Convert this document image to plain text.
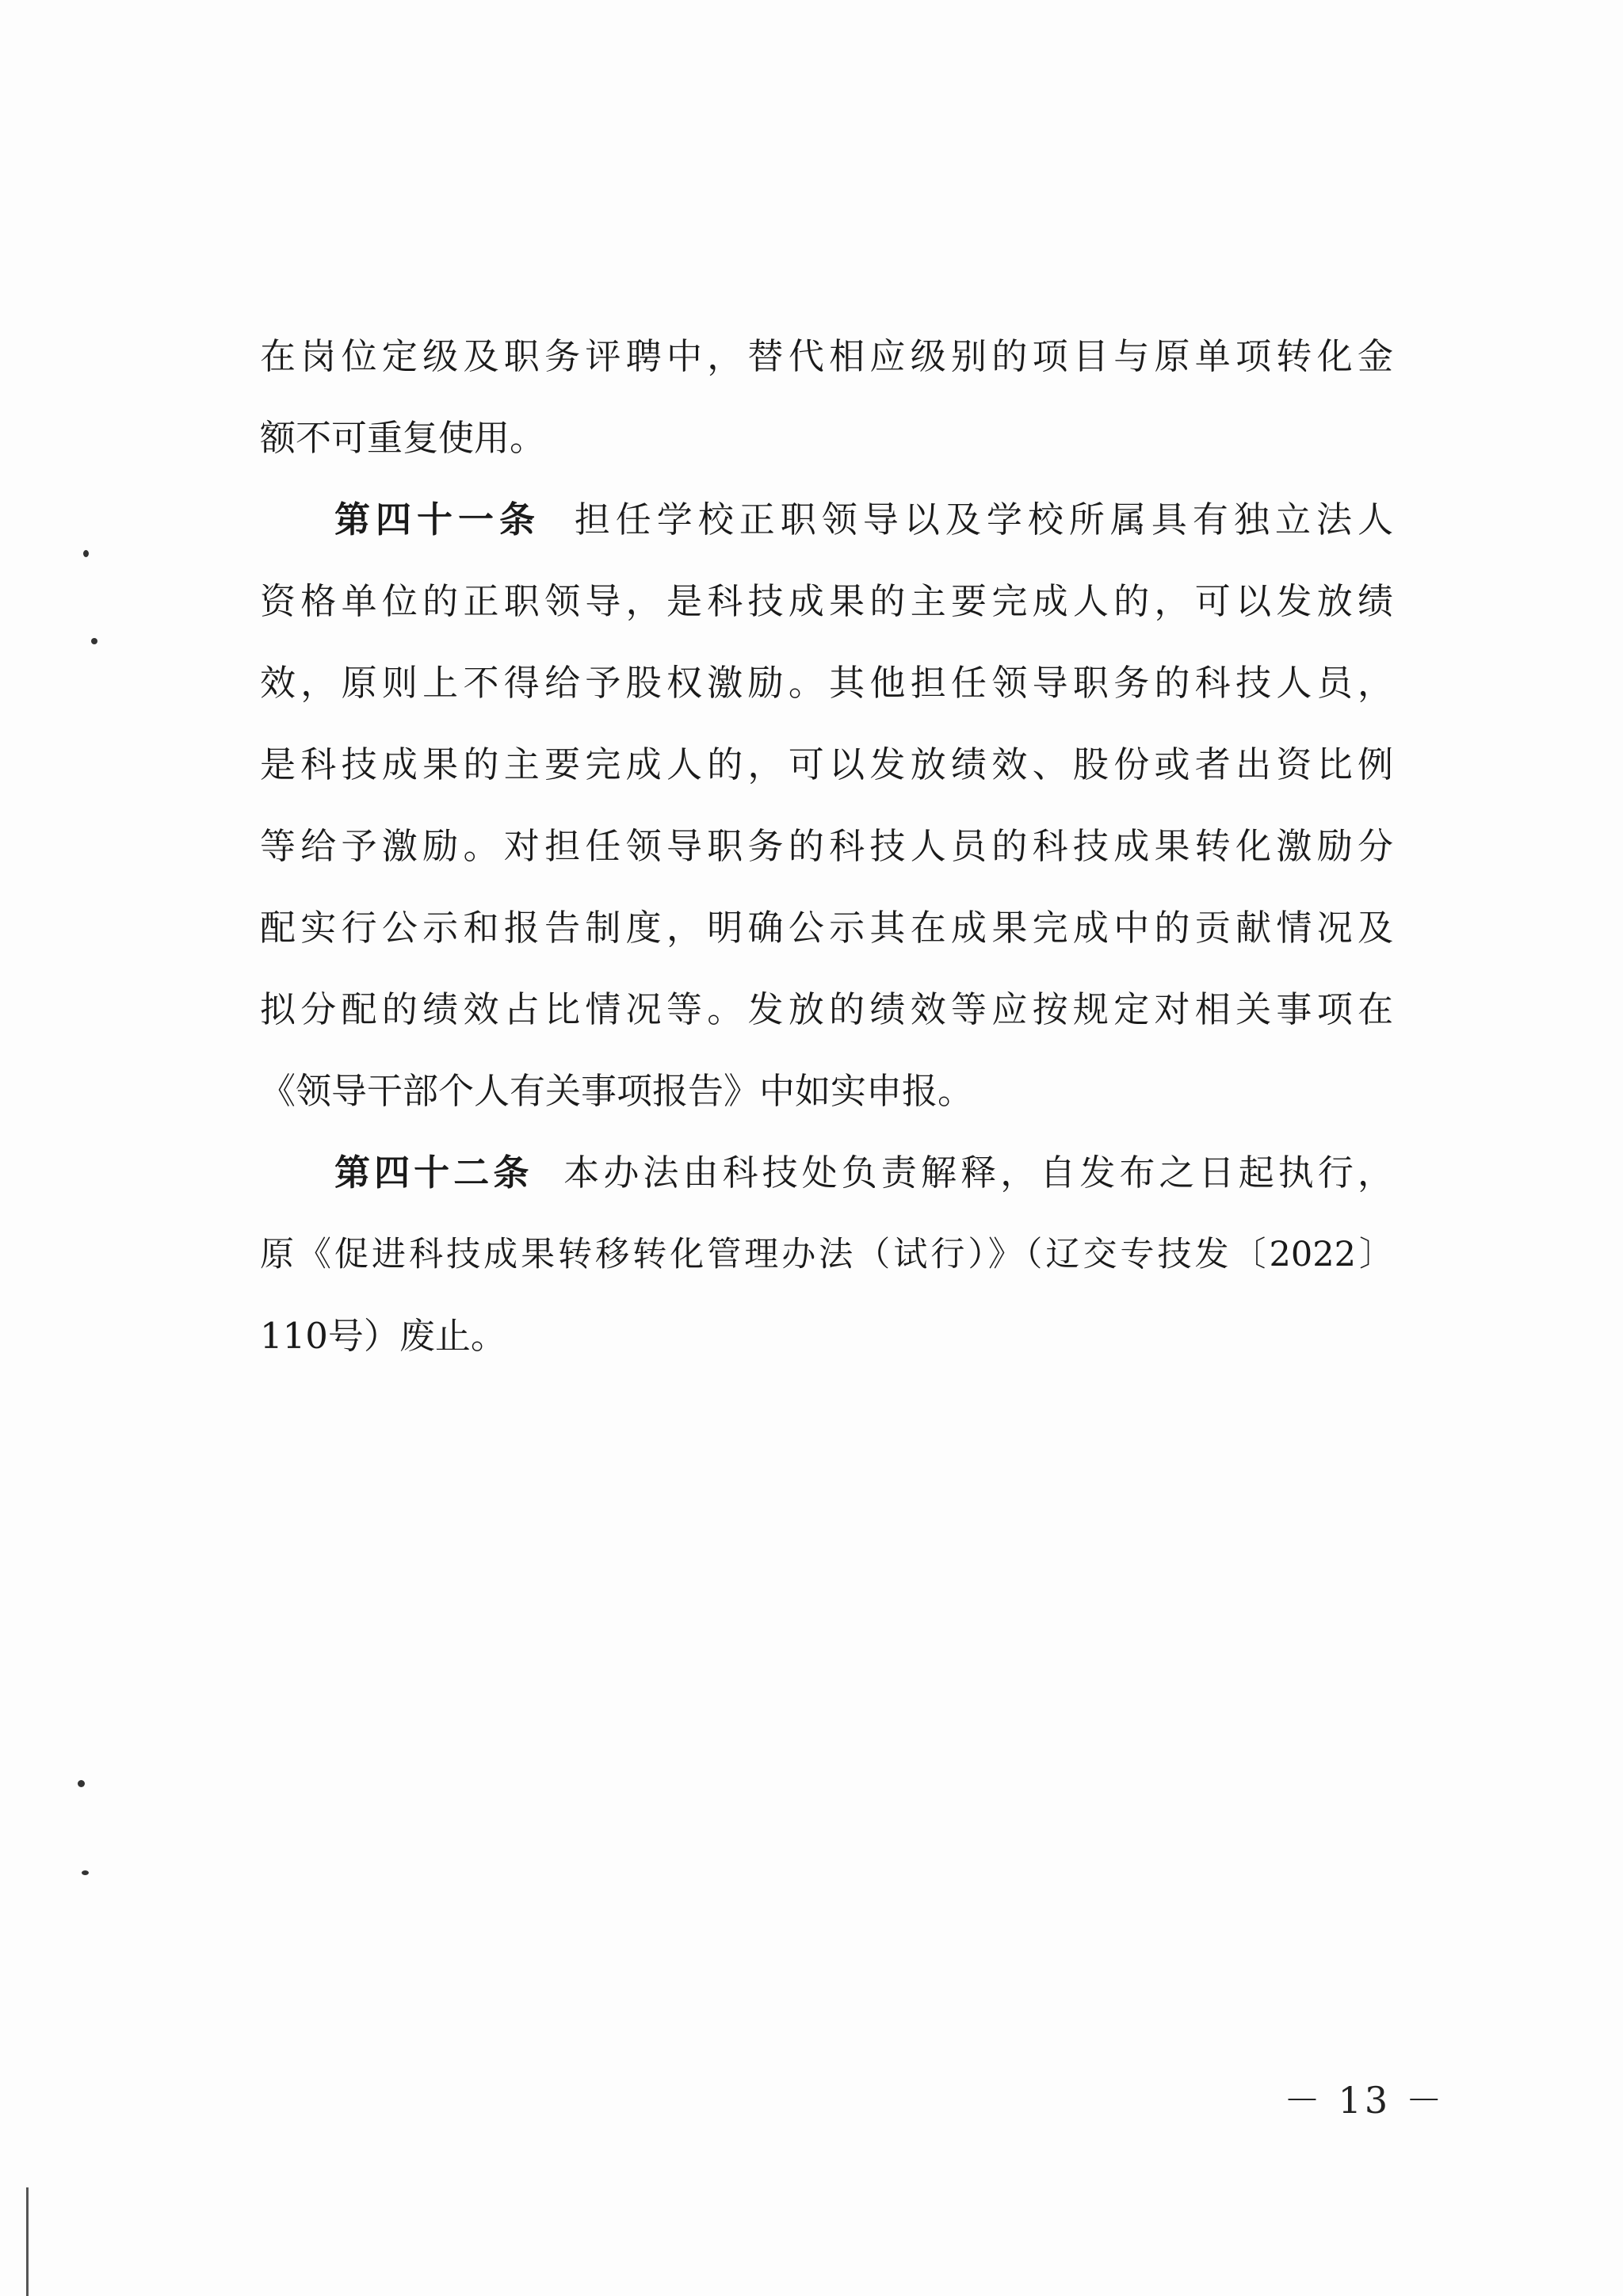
在岗位定级及职务评聘中，替代相应级别的项目与原单项转化金
额不可重复使用。
第四十一条 担任学校正职领导以及学校所属具有独立法人
资格单位的正职领导，是科技成果的主要完成人的，可以发放绩
效，原则上不得给予股权激励。其他担任领导职务的科技人员，
是科技成果的主要完成人的，可以发放绩效、股份或者出资比例
等给予激励。对担任领导职务的科技人员的科技成果转化激励分
配实行公示和报告制度，明确公示其在成果完成中的贡献情况及
拟分配的绩效占比情况等。发放的绩效等应按规定对相关事项在
《领导干部个人有关事项报告》中如实申报。
第四十二条 本办法由科技处负责解释，自发布之日起执行，
原《促进科技成果转移转化管理办法（试行）》（辽交专技发〔2022〕
110号）废止。
－ 13 －
